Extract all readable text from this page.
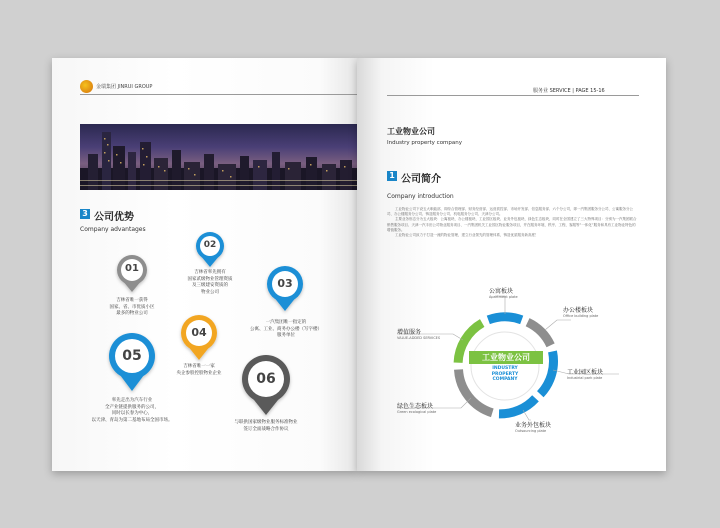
金瑞集团 JINRUI GROUP
3 公司优势
Company advantages
01
02
03
04
05
06
吉林省唯一获得
国家、省、市优质小区
最多的物业公司
吉林省率先拥有
国家贰级物业管理资质
及三级建安资质的
物业公司
一汽集团唯一指定的
公寓、工业、商务办公楼（写字楼）
服务单位
吉林省唯一一家
央企参股控股物业企业
率先走出为汽车行业
全产业链提供服务的公司，
同时以长春为中心，
以天津、青岛为第二基地布局全国市场。	与联供国家级物业服务标准物业
签订全面战略合作协议
服务业 SERVICE | PAGE 15-16
工业物业公司
Industry property company
1 公司简介
Company introduction

工业物业公司下设五大职能部，即综合管理部、财务经营部、运营质控部、市场开发部、信息服务部、六个分公司，即一汽集团服务分公司、公寓服务分公司、办公楼服务分公司、铸造服务分公司、机电服务分公司、天津分公司。

主要业务形态分为五大板块：公寓板块、办公楼板块、工业园区板块、业务外包板块、绿色生态板块，同时在全国建立了三大特殊项目：分别为一汽集团联合销售服务项目、天津一汽丰田公司物业服务项目、一汽集团机关工业园区物业服务项目，并在服务环境、秩序、工程、客服等“一体化”服务和具有工业物业特色的增值服务。

工业物业公司致力于打造一流的物业管理，建立行业领先的管理体系，铸造优质服务新高度！

工业物业公司
INDUSTRY
PROPERTY
COMPANY
公寓板块
Apartment plate
办公楼板块
Office building plate
工业园区板块
Industrial park plate
业务外包板块
Outsourcing plate
绿色生态板块
Green ecological plate
增值服务
VALUE-ADDED SERVICES
